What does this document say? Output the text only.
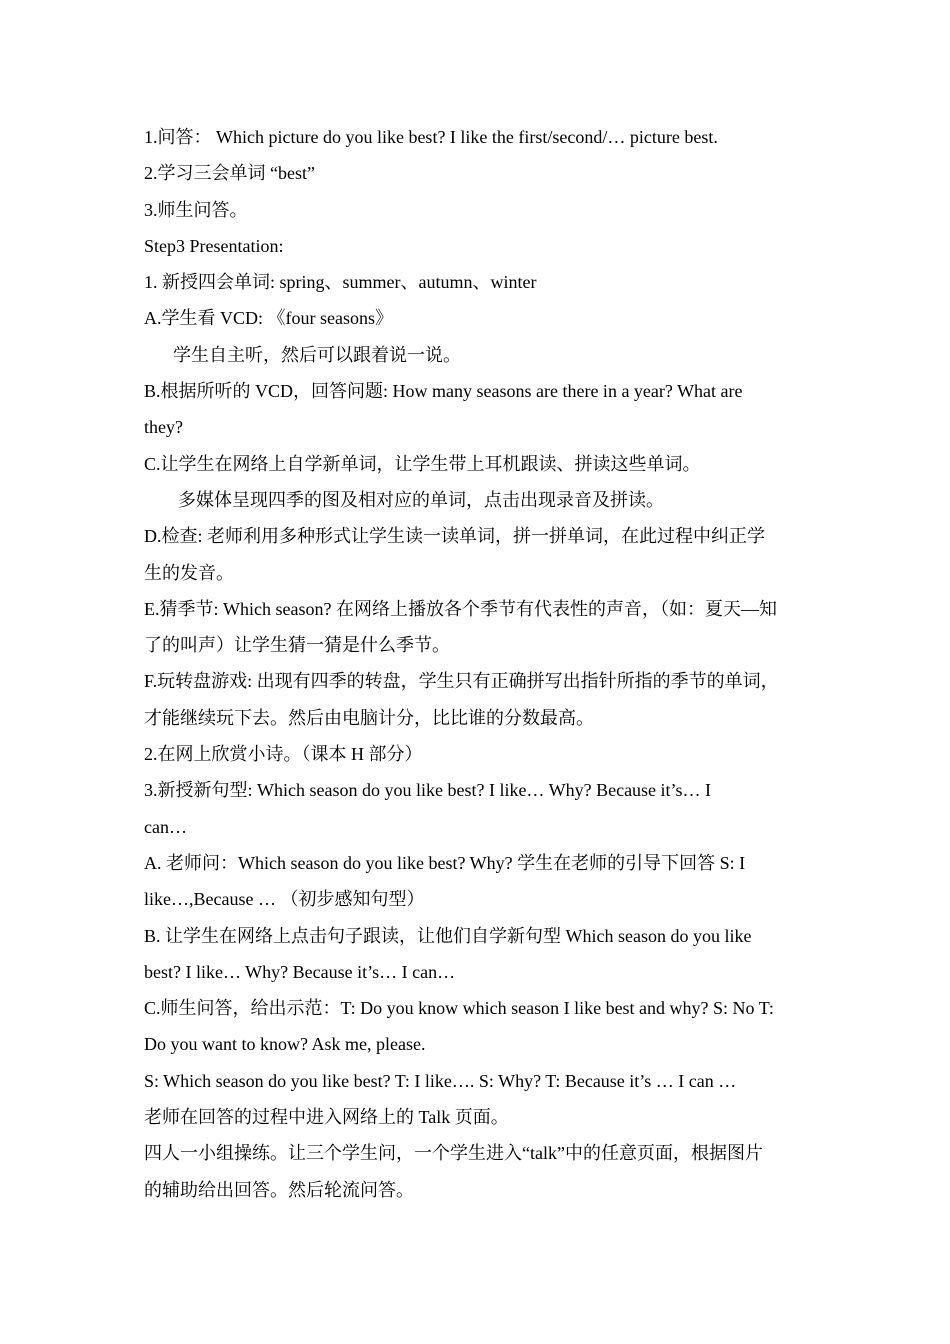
1.问答： Which picture do you like best? I like the first/second/… picture best.
2.学习三会单词 “best”
3.师生问答。
Step3 Presentation:
1. 新授四会单词: spring、summer、autumn、winter
A.学生看 VCD: 《four seasons》
学生自主听，然后可以跟着说一说。
B.根据所听的 VCD，回答问题: How many seasons are there in a year? What are
they?
C.让学生在网络上自学新单词，让学生带上耳机跟读、拼读这些单词。
多媒体呈现四季的图及相对应的单词，点击出现录音及拼读。
D.检查: 老师利用多种形式让学生读一读单词，拼一拼单词，在此过程中纠正学
生的发音。
E.猜季节: Which season? 在网络上播放各个季节有代表性的声音，（如：夏天—知
了的叫声）让学生猜一猜是什么季节。
F.玩转盘游戏: 出现有四季的转盘，学生只有正确拼写出指针所指的季节的单词，
才能继续玩下去。然后由电脑计分，比比谁的分数最高。
2.在网上欣赏小诗。（课本 H 部分）
3.新授新句型: Which season do you like best? I like… Why? Because it’s… I
can…
A. 老师问：Which season do you like best? Why? 学生在老师的引导下回答 S: I
like…,Because … （初步感知句型）
B. 让学生在网络上点击句子跟读，让他们自学新句型 Which season do you like
best? I like… Why? Because it’s… I can…
C.师生问答，给出示范：T: Do you know which season I like best and why? S: No T:
Do you want to know? Ask me, please.
S: Which season do you like best? T: I like…. S: Why? T: Because it’s … I can …
老师在回答的过程中进入网络上的 Talk 页面。
四人一小组操练。让三个学生问，一个学生进入“talk”中的任意页面，根据图片
的辅助给出回答。然后轮流问答。
